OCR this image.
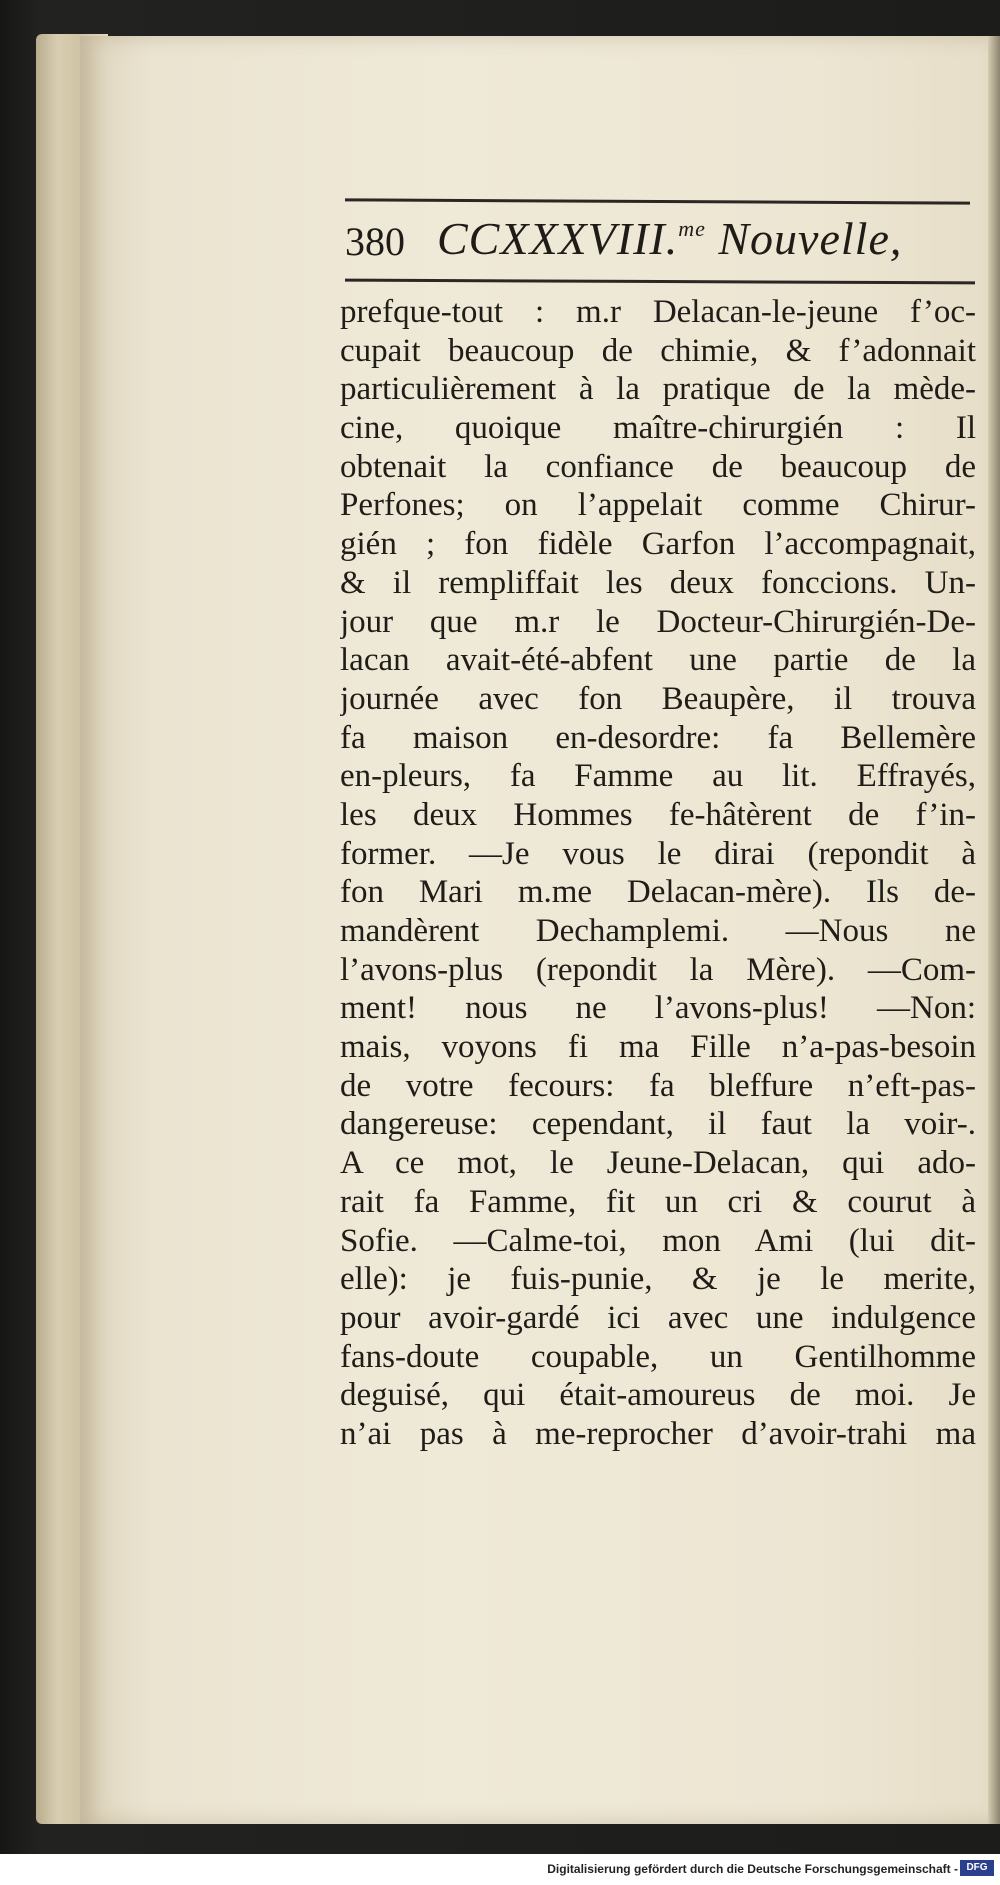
380 CCXXXVIII.$^{me}$ Nouvelle,
prefque-tout : m.r Delacan-le-jeune f’oc-
cupait beaucoup de chimie, & f’adonnait
particulièrement à la pratique de la mède-
cine, quoique maître-chirurgién : Il
obtenait la confiance de beaucoup de
Perfones; on l’appelait comme Chirur-
gién ; fon fidèle Garfon l’accompagnait,
& il rempliffait les deux fonccions. Un-
jour que m.r le Docteur-Chirurgién-De-
lacan avait-été-abfent une partie de la
journée avec fon Beaupère, il trouva
fa maison en-desordre: fa Bellemère
en-pleurs, fa Famme au lit. Effrayés,
les deux Hommes fe-hâtèrent de f’in-
former. —Je vous le dirai (repondit à
fon Mari m.me Delacan-mère). Ils de-
mandèrent Dechamplemi. —Nous ne
l’avons-plus (repondit la Mère). —Com-
ment! nous ne l’avons-plus! —Non:
mais, voyons fi ma Fille n’a-pas-besoin
de votre fecours: fa bleffure n’eft-pas-
dangereuse: cependant, il faut la voir-.
A ce mot, le Jeune-Delacan, qui ado-
rait fa Famme, fit un cri & courut à
Sofie. —Calme-toi, mon Ami (lui dit-
elle): je fuis-punie, & je le merite,
pour avoir-gardé ici avec une indulgence
fans-doute coupable, un Gentilhomme
deguisé, qui était-amoureus de moi. Je
n’ai pas à me-reprocher d’avoir-trahi ma
Digitalisierung gefördert durch die Deutsche Forschungsgemeinschaft - DFG
